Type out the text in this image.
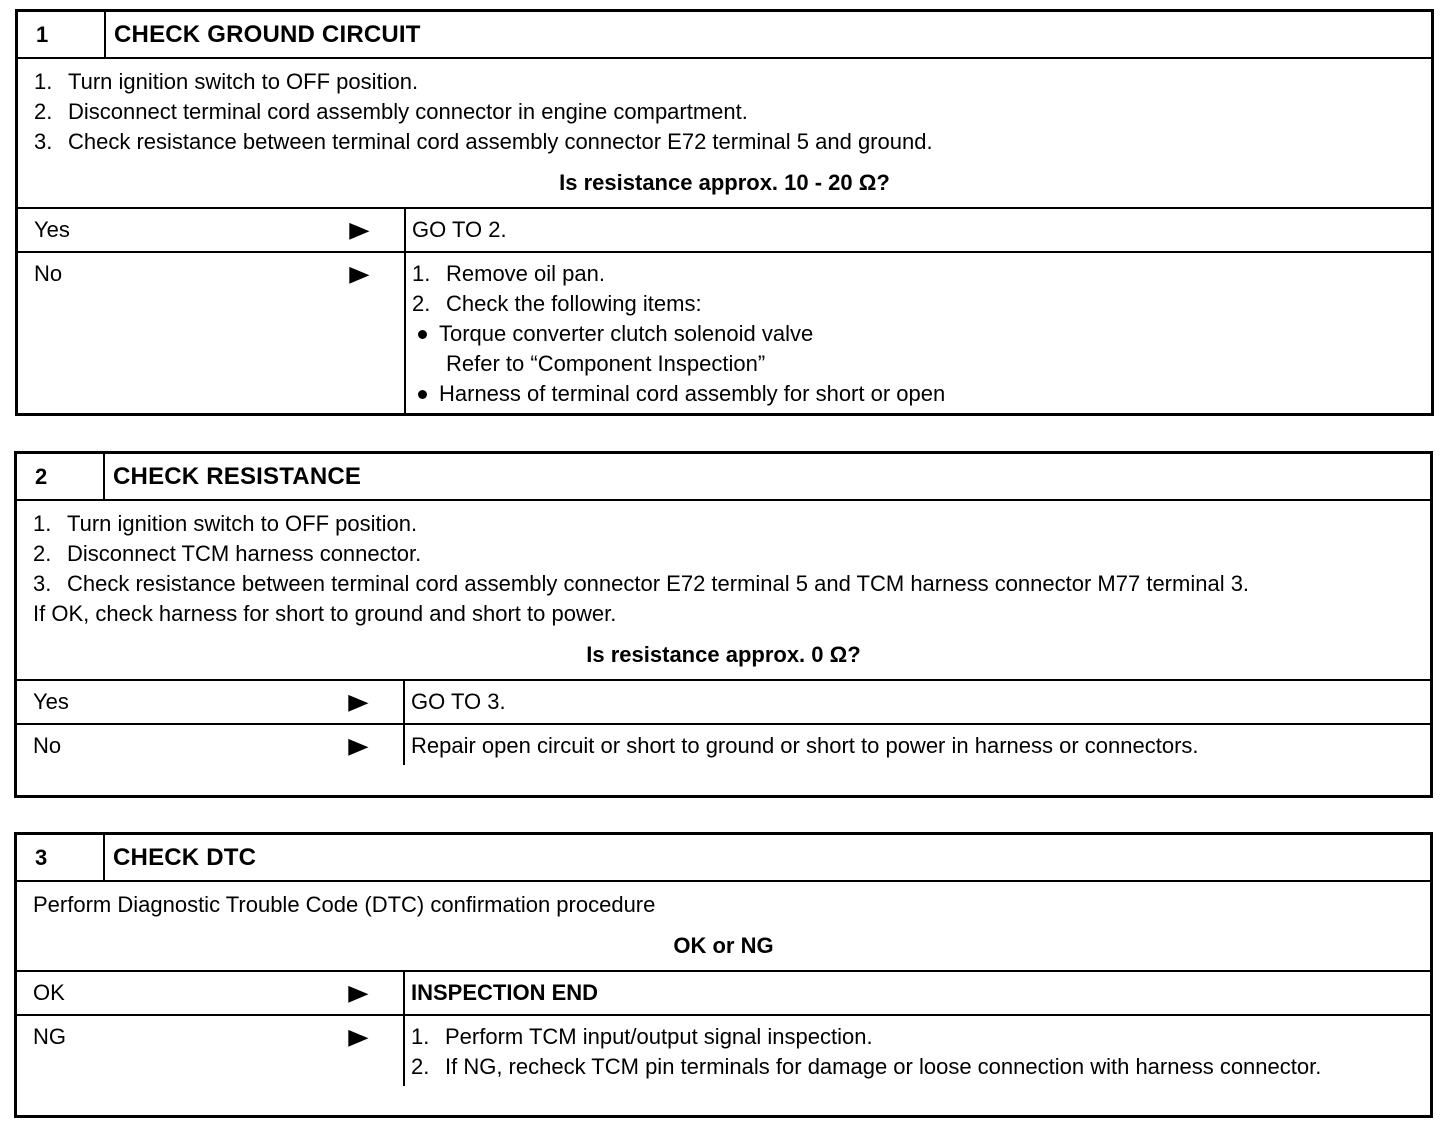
1	CHECK GROUND CIRCUIT
1. Turn ignition switch to OFF position.
2. Disconnect terminal cord assembly connector in engine compartment.
3. Check resistance between terminal cord assembly connector E72 terminal 5 and ground.
Is resistance approx. 10 - 20 Ω?
Yes	▶ GO TO 2.
No	▶ 1. Remove oil pan.
2. Check the following items:
Torque converter clutch solenoid valve
Refer to “Component Inspection”
Harness of terminal cord assembly for short or open
2	CHECK RESISTANCE
1. Turn ignition switch to OFF position.
2. Disconnect TCM harness connector.
3. Check resistance between terminal cord assembly connector E72 terminal 5 and TCM harness connector M77 terminal 3.
If OK, check harness for short to ground and short to power.
Is resistance approx. 0 Ω?
Yes	▶ GO TO 3.
No	▶ Repair open circuit or short to ground or short to power in harness or connectors.
3	CHECK DTC
Perform Diagnostic Trouble Code (DTC) confirmation procedure
OK or NG
OK	▶ INSPECTION END
NG	▶ 1. Perform TCM input/output signal inspection.
2. If NG, recheck TCM pin terminals for damage or loose connection with harness connector.
